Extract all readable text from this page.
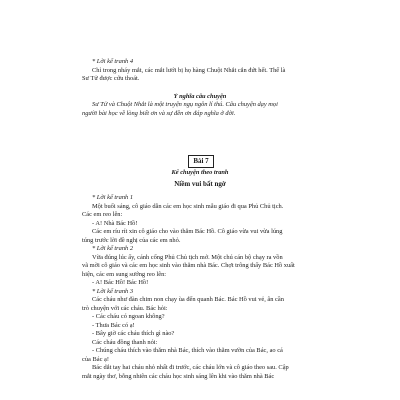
* Lời kể tranh 4
Chỉ trong nháy mắt, các mắt lưới bị họ hàng Chuột Nhắt cắn đứt hết. Thế là
Sư Tử được cứu thoát.
Ý nghĩa câu chuyện
Sư Tử và Chuột Nhắt là một truyện ngụ ngôn lí thú. Câu chuyện dạy mọi
người bài học về lòng biết ơn và sự đền ơn đáp nghĩa ở đời.
Bài 7
Kể chuyện theo tranh
Niềm vui bất ngờ
* Lời kể tranh 1
Một buổi sáng, cô giáo dẫn các em học sinh mẫu giáo đi qua Phủ Chủ tịch.
Các em reo lên:
- A! Nhà Bác Hồ!
Các em ríu rít xin cô giáo cho vào thăm Bác Hồ. Cô giáo vừa vui vừa lúng
túng trước lời đề nghị của các em nhỏ.
* Lời kể tranh 2
Vừa đúng lúc ấy, cánh cổng Phủ Chủ tịch mở. Một chú cán bộ chạy ra vồn
vã mời cô giáo và các em học sinh vào thăm nhà Bác. Chợt trông thấy Bác Hồ xuất
hiện, các em sung sướng reo lên:
- A! Bác Hồ! Bác Hồ!
* Lời kể tranh 3
Các cháu như đàn chim non chạy ùa đến quanh Bác. Bác Hồ vui vẻ, ân cần
trò chuyện với các cháu. Bác hỏi:
- Các cháu có ngoan không?
- Thưa Bác có ạ!
- Bây giờ các cháu thích gì nào?
Các cháu đồng thanh nói:
- Chúng cháu thích vào thăm nhà Bác, thích vào thăm vườn của Bác, ao cá
của Bác ạ!
Bác dắt tay hai cháu nhỏ nhất đi trước, các cháu lớn và cô giáo theo sau. Cập
mắt ngày thơ, bỗng nhiên các cháu học sinh sáng lên khi vào thăm nhà Bác
